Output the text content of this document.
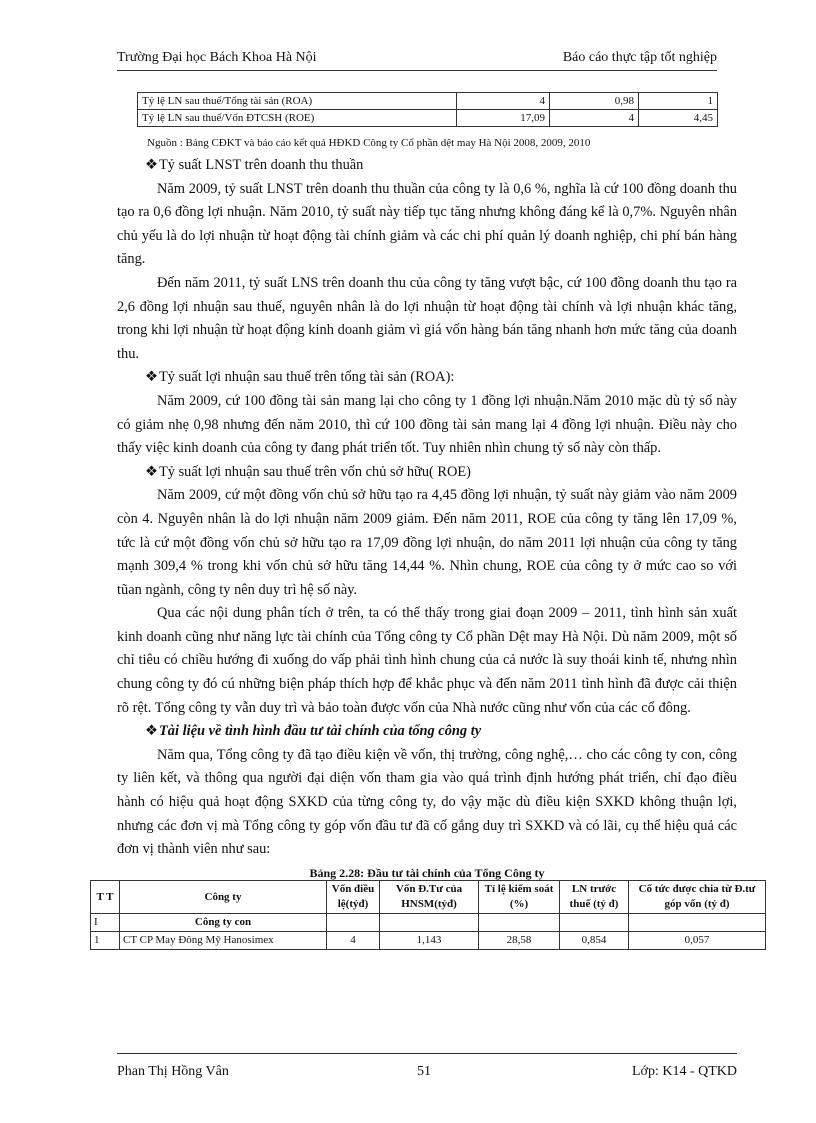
Trường Đại học Bách Khoa Hà Nội	Báo cáo thực tập tốt nghiệp
Tỷ lệ LN sau thuế/Tổng tài sản (ROA)	4	0,98	1
Tỷ lệ LN sau thuế/Vốn ĐTCSH (ROE)	17,09	4	4,45
Nguồn : Bảng CĐKT và báo cáo kết quả HĐKD Công ty Cổ phần dệt may Hà Nội 2008, 2009, 2010

❖Tỷ suất LNST trên doanh thu thuần

Năm 2009, tỷ suất LNST trên doanh thu thuần của công ty là 0,6 %, nghĩa là cứ 100 đồng doanh thu tạo ra 0,6 đồng lợi nhuận. Năm 2010, tỷ suất này tiếp tục tăng nhưng không đáng kể là 0,7%. Nguyên nhân chủ yếu là do lợi nhuận từ hoạt động tài chính giảm và các chi phí quản lý doanh nghiệp, chi phí bán hàng tăng.

Đến năm 2011, tỷ suất LNS trên doanh thu của công ty tăng vượt bậc, cứ 100 đồng doanh thu tạo ra 2,6 đồng lợi nhuận sau thuế, nguyên nhân là do lợi nhuận từ hoạt động tài chính và lợi nhuận khác tăng, trong khi lợi nhuận từ hoạt động kinh doanh giảm vì giá vốn hàng bán tăng nhanh hơn mức tăng của doanh thu.

❖Tỷ suất lợi nhuận sau thuế trên tổng tài sản (ROA):

Năm 2009, cứ 100 đồng tài sản mang lại cho công ty 1 đồng lợi nhuận.Năm 2010 mặc dù tỷ số này có giảm nhẹ 0,98 nhưng đến năm 2010, thì cứ 100 đồng tài sản mang lại 4 đồng lợi nhuận. Điều này cho thấy việc kinh doanh của công ty đang phát triển tốt. Tuy nhiên nhìn chung tỷ số này còn thấp.

❖Tỷ suất lợi nhuận sau thuế trên vốn chủ sở hữu( ROE)

Năm 2009, cứ một đồng vốn chủ sở hữu tạo ra 4,45 đồng lợi nhuận, tỷ suất này giảm vào năm 2009 còn 4. Nguyên nhân là do lợi nhuận năm 2009 giảm. Đến năm 2011, ROE của công ty tăng lên 17,09 %, tức là cứ một đồng vốn chủ sở hữu tạo ra 17,09 đồng lợi nhuận, do năm 2011 lợi nhuận của công ty tăng mạnh 309,4 % trong khi vốn chủ sở hữu tăng 14,44 %. Nhìn chung, ROE của công ty ở mức cao so với tũan ngành, công ty nên duy trì hệ số này.

Qua các nội dung phân tích ở trên, ta có thể thấy trong giai đoạn 2009 – 2011, tình hình sản xuất kinh doanh cũng như năng lực tài chính của Tổng công ty Cổ phần Dệt may Hà Nội. Dù năm 2009, một số chỉ tiêu có chiều hướng đi xuống do vấp phải tình hình chung của cả nước là suy thoái kinh tế, nhưng nhìn chung công ty đó cú những biện pháp thích hợp để khắc phục và đến năm 2011 tình hình đã được cải thiện rõ rệt. Tổng công ty vẫn duy trì và bảo toàn được vốn của Nhà nước cũng như vốn của các cổ đông.

❖Tài liệu về tình hình đầu tư tài chính của tổng công ty

Năm qua, Tổng công ty đã tạo điều kiện về vốn, thị trường, công nghệ,… cho các công ty con, công ty liên kết, và thông qua người đại diện vốn tham gia vào quá trình định hướng phát triển, chỉ đạo điều hành có hiệu quả hoạt động SXKD của từng công ty, do vậy mặc dù điều kiện SXKD không thuận lợi, nhưng các đơn vị mà Tổng công ty góp vốn đầu tư đã cố gắng duy trì SXKD và có lãi, cụ thể hiệu quả các đơn vị thành viên như sau:

Bảng 2.28: Đầu tư tài chính của Tổng Công ty
T T	Công ty	Vốn điều lệ(tỷđ)	Vốn Đ.Tư của HNSM(tỷđ)	Tỉ lệ kiểm soát (%)	LN trước thuế (tỷ đ)	Cổ tức được chia từ Đ.tư góp vốn (tỷ đ)
I	Công ty con					
1	CT CP May Đông Mỹ Hanosimex	4	1,143	28,58	0,854	0,057
Phan Thị Hồng Vân	51	Lớp: K14 - QTKD
